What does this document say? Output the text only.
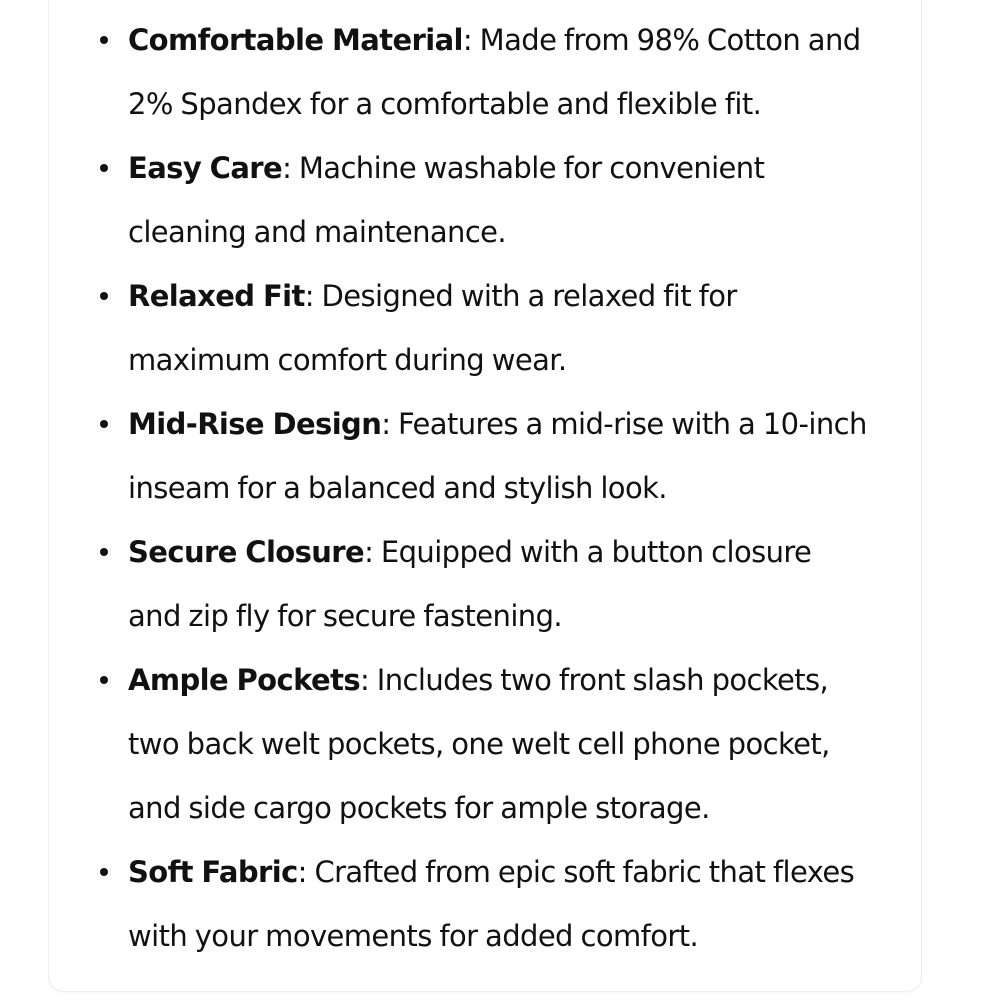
Comfortable Material: Made from 98% Cotton and
2% Spandex for a comfortable and flexible fit.
Easy Care: Machine washable for convenient
cleaning and maintenance.
Relaxed Fit: Designed with a relaxed fit for
maximum comfort during wear.
Mid-Rise Design: Features a mid-rise with a 10-inch
inseam for a balanced and stylish look.
Secure Closure: Equipped with a button closure
and zip fly for secure fastening.
Ample Pockets: Includes two front slash pockets,
two back welt pockets, one welt cell phone pocket,
and side cargo pockets for ample storage.
Soft Fabric: Crafted from epic soft fabric that flexes
with your movements for added comfort.
